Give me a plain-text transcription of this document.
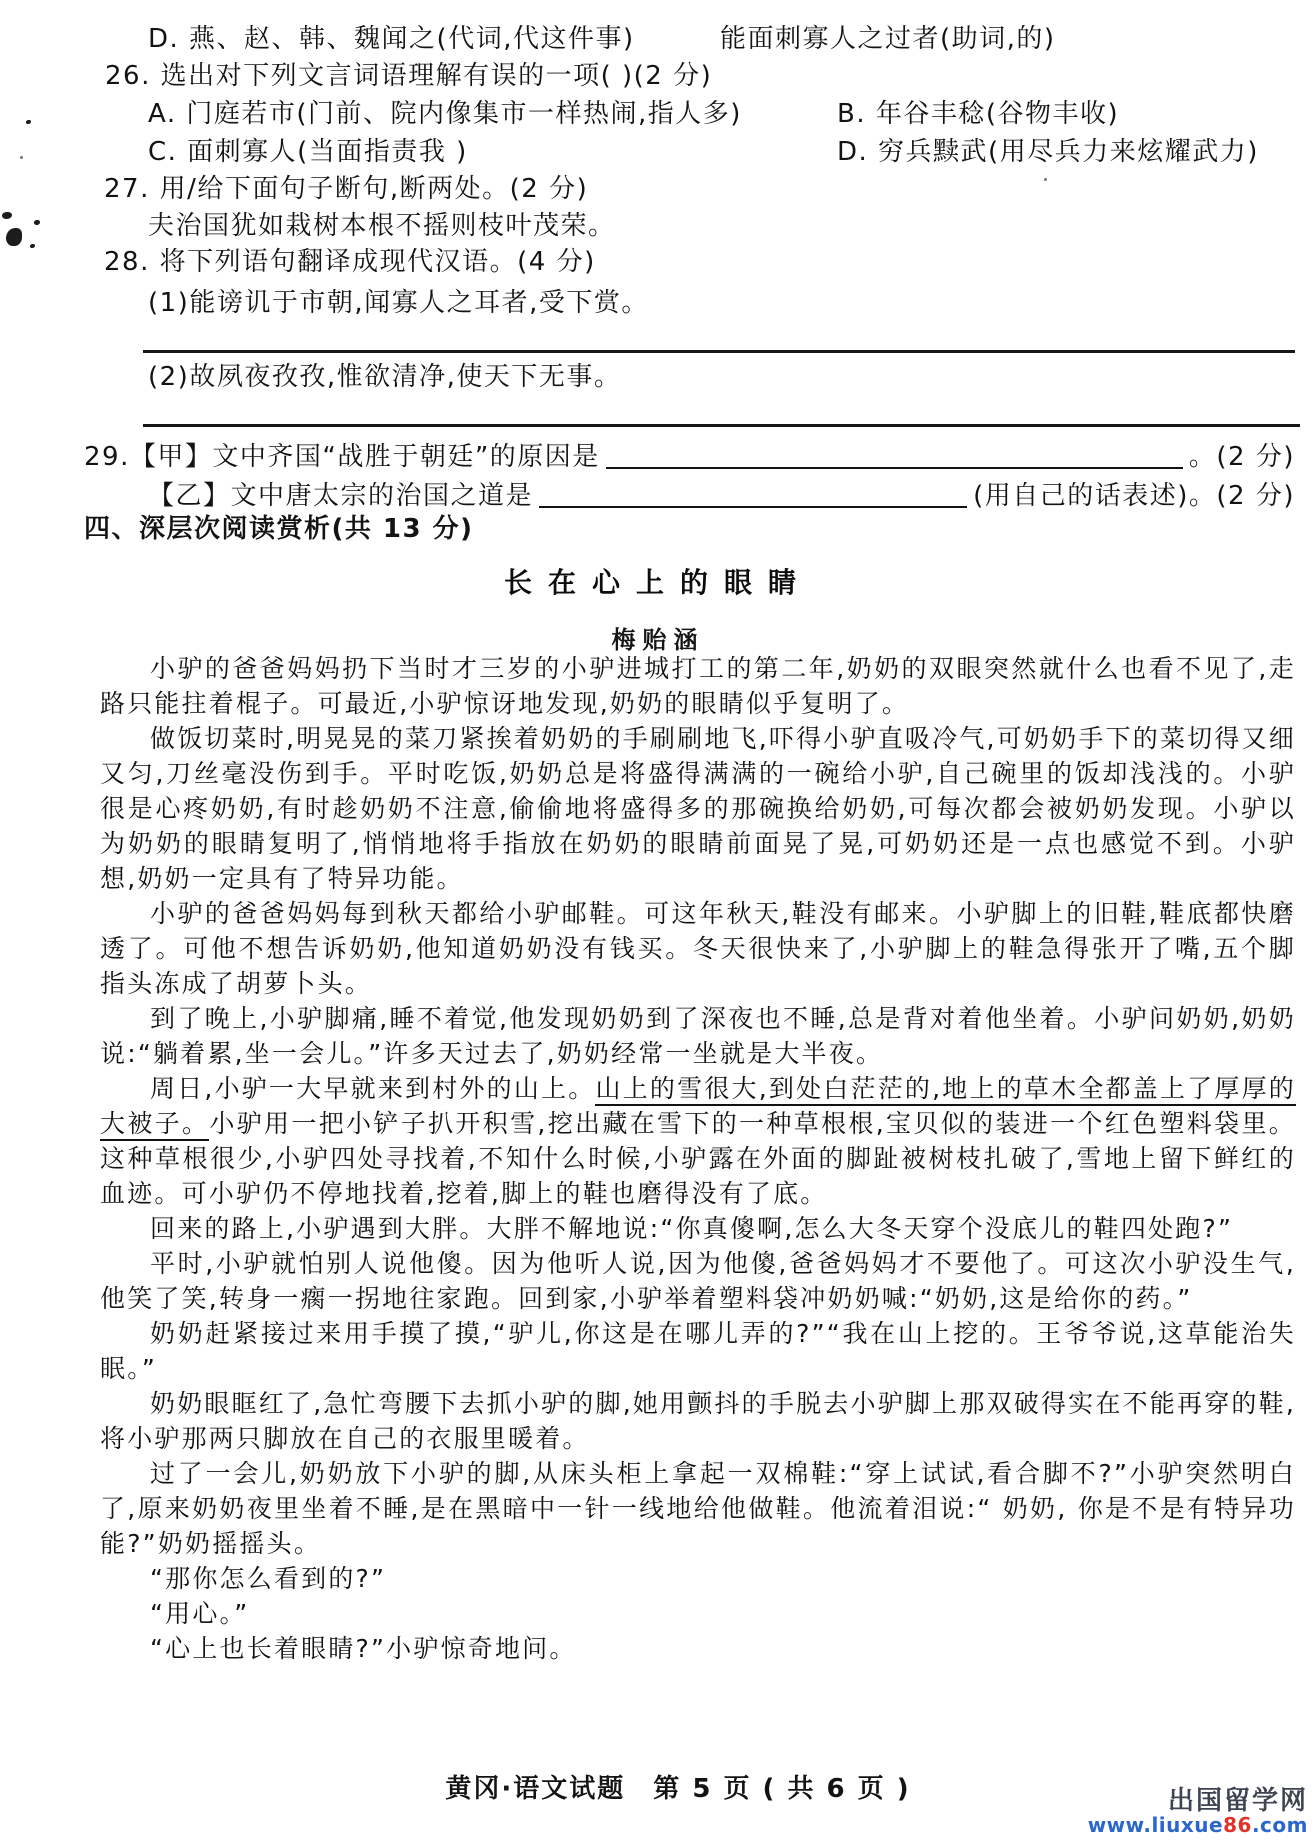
D. 燕、赵、韩、魏闻之(代词,代这件事)	能面刺寡人之过者(助词,的)
26. 选出对下列文言词语理解有误的一项( )(2 分)
A. 门庭若市(门前、院内像集市一样热闹,指人多)	B. 年谷丰稔(谷物丰收)
C. 面刺寡人(当面指责我 )	D. 穷兵黩武(用尽兵力来炫耀武力)
27. 用/给下面句子断句,断两处。(2 分)
夫治国犹如栽树本根不摇则枝叶茂荣。
28. 将下列语句翻译成现代汉语。(4 分)
(1)能谤讥于市朝,闻寡人之耳者,受下赏。
(2)故夙夜孜孜,惟欲清净,使天下无事。
29.【甲】文中齐国“战胜于朝廷”的原因是	。(2 分)
【乙】文中唐太宗的治国之道是	(用自己的话表述)。(2 分)
四、深层次阅读赏析(共 13 分)
长在心上的眼睛
梅贻涵

小驴的爸爸妈妈扔下当时才三岁的小驴进城打工的第二年,奶奶的双眼突然就什么也看不见了,走路只能拄着棍子。可最近,小驴惊讶地发现,奶奶的眼睛似乎复明了。

做饭切菜时,明晃晃的菜刀紧挨着奶奶的手刷刷地飞,吓得小驴直吸冷气,可奶奶手下的菜切得又细又匀,刀丝毫没伤到手。平时吃饭,奶奶总是将盛得满满的一碗给小驴,自己碗里的饭却浅浅的。小驴很是心疼奶奶,有时趁奶奶不注意,偷偷地将盛得多的那碗换给奶奶,可每次都会被奶奶发现。小驴以为奶奶的眼睛复明了,悄悄地将手指放在奶奶的眼睛前面晃了晃,可奶奶还是一点也感觉不到。小驴想,奶奶一定具有了特异功能。

小驴的爸爸妈妈每到秋天都给小驴邮鞋。可这年秋天,鞋没有邮来。小驴脚上的旧鞋,鞋底都快磨透了。可他不想告诉奶奶,他知道奶奶没有钱买。冬天很快来了,小驴脚上的鞋急得张开了嘴,五个脚指头冻成了胡萝卜头。

到了晚上,小驴脚痛,睡不着觉,他发现奶奶到了深夜也不睡,总是背对着他坐着。小驴问奶奶,奶奶说:“躺着累,坐一会儿。”许多天过去了,奶奶经常一坐就是大半夜。

周日,小驴一大早就来到村外的山上。山上的雪很大,到处白茫茫的,地上的草木全都盖上了厚厚的大被子。小驴用一把小铲子扒开积雪,挖出藏在雪下的一种草根根,宝贝似的装进一个红色塑料袋里。这种草根很少,小驴四处寻找着,不知什么时候,小驴露在外面的脚趾被树枝扎破了,雪地上留下鲜红的血迹。可小驴仍不停地找着,挖着,脚上的鞋也磨得没有了底。

回来的路上,小驴遇到大胖。大胖不解地说:“你真傻啊,怎么大冬天穿个没底儿的鞋四处跑?”

平时,小驴就怕别人说他傻。因为他听人说,因为他傻,爸爸妈妈才不要他了。可这次小驴没生气,他笑了笑,转身一瘸一拐地往家跑。回到家,小驴举着塑料袋冲奶奶喊:“奶奶,这是给你的药。”

奶奶赶紧接过来用手摸了摸,“驴儿,你这是在哪儿弄的?”“我在山上挖的。王爷爷说,这草能治失眠。”

奶奶眼眶红了,急忙弯腰下去抓小驴的脚,她用颤抖的手脱去小驴脚上那双破得实在不能再穿的鞋,将小驴那两只脚放在自己的衣服里暖着。

过了一会儿,奶奶放下小驴的脚,从床头柜上拿起一双棉鞋:“穿上试试,看合脚不?”小驴突然明白了,原来奶奶夜里坐着不睡,是在黑暗中一针一线地给他做鞋。他流着泪说:“ 奶奶, 你是不是有特异功能?”奶奶摇摇头。

“那你怎么看到的?”

“用心。”

“心上也长着眼睛?”小驴惊奇地问。

黄冈·语文试题　第 5 页 ( 共 6 页 )	出国留学网
www.liuxue86.com
